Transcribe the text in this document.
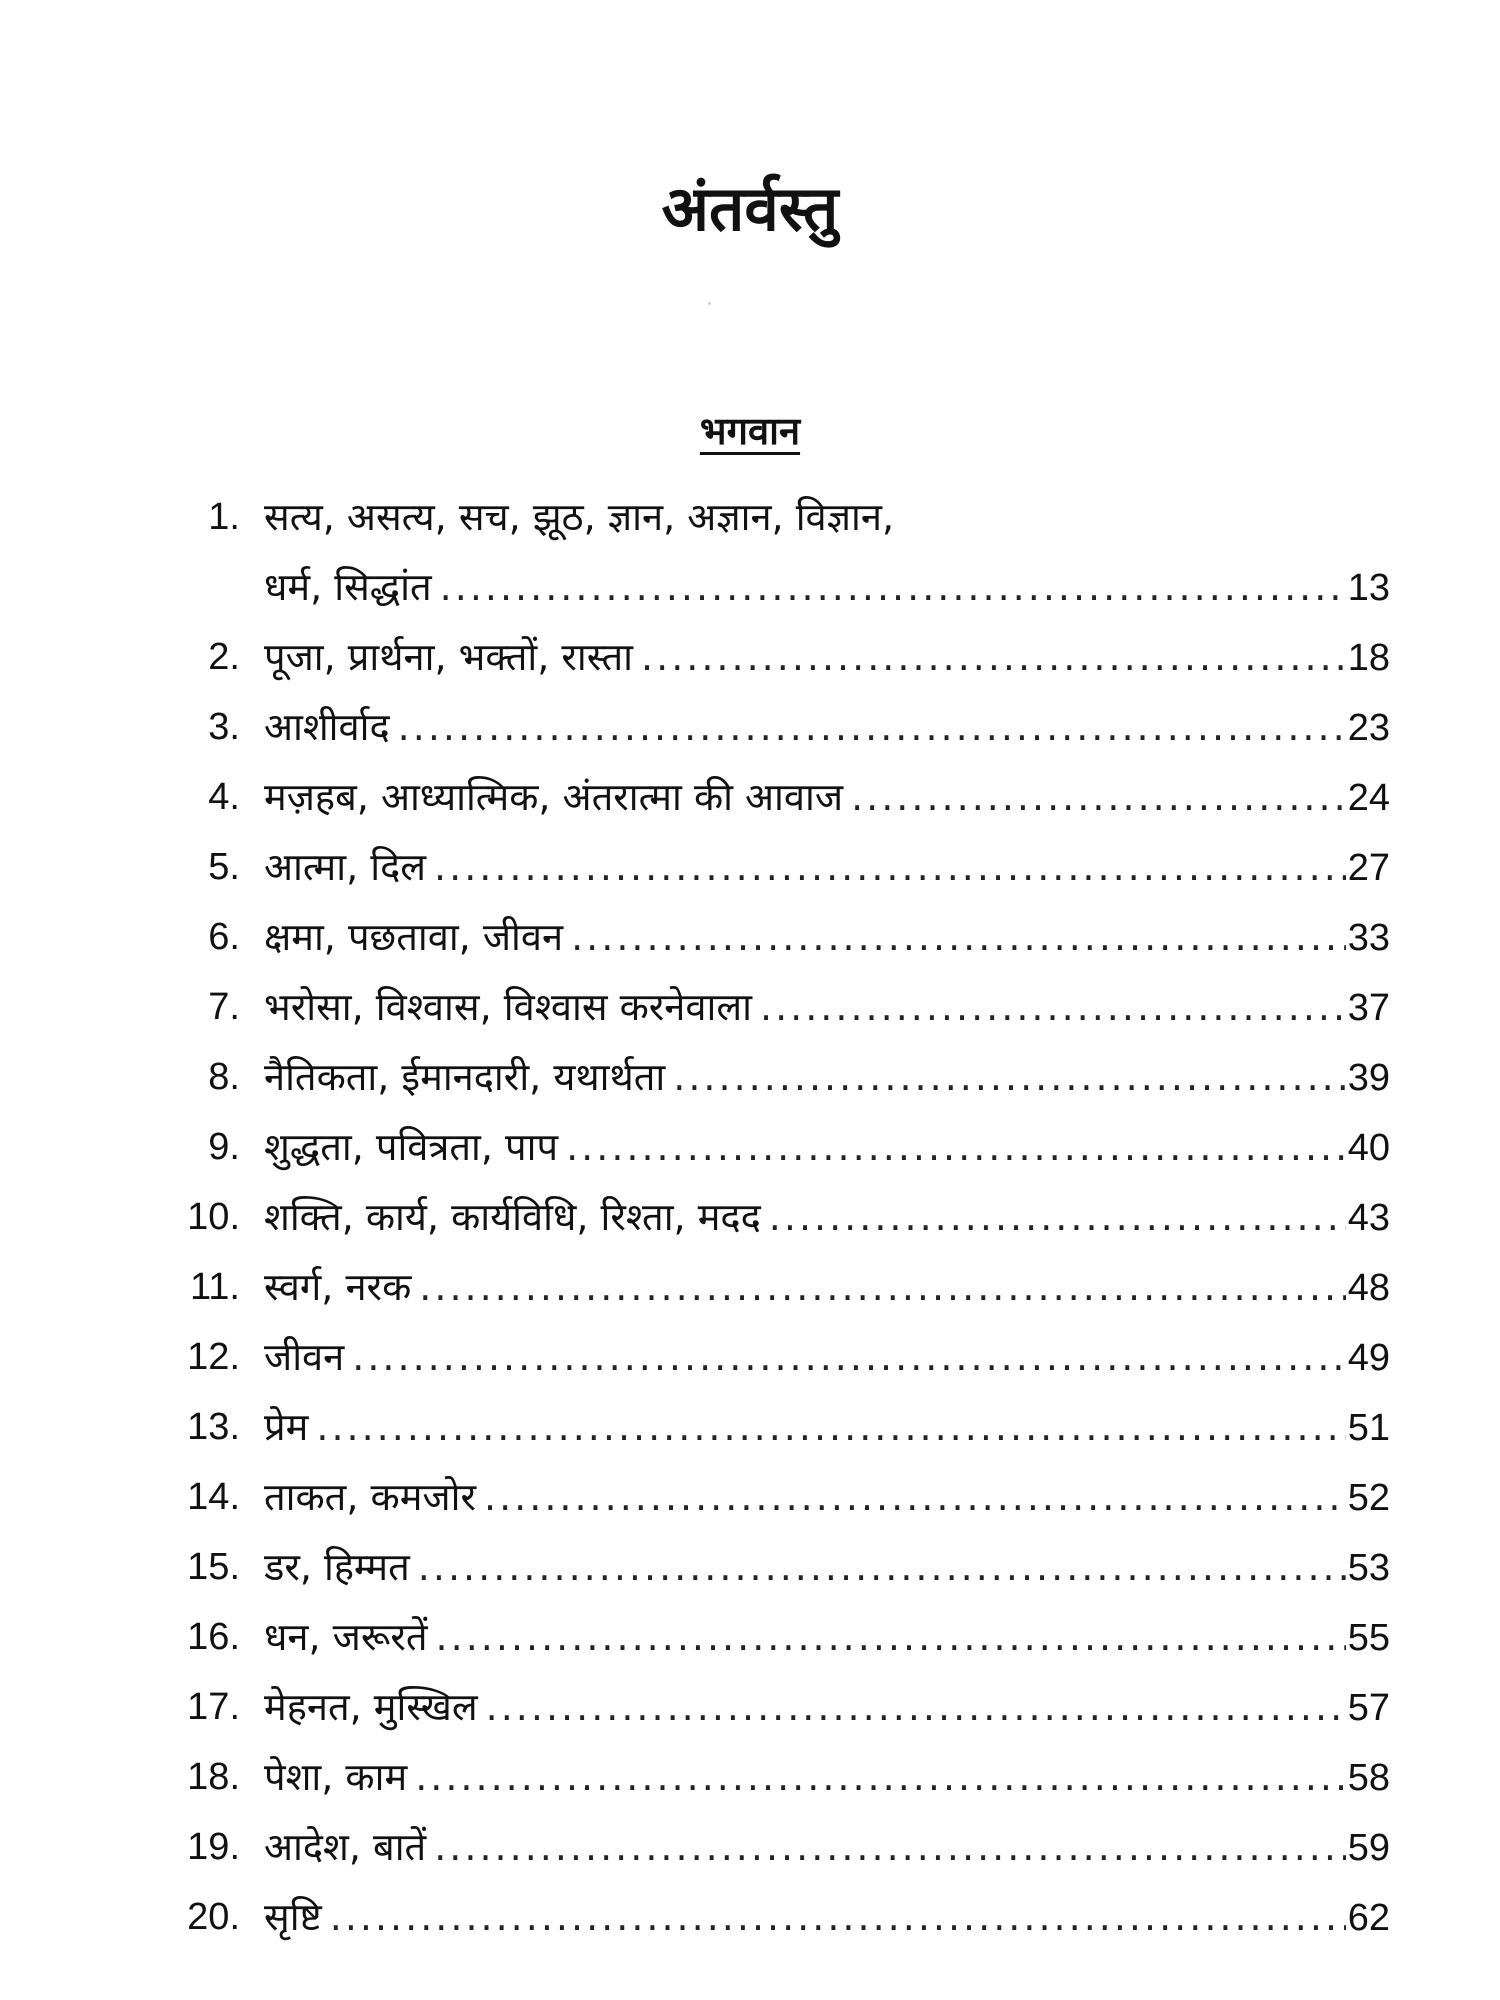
अंतर्वस्तु
भगवान
1. सत्य, असत्य, सच, झूठ, ज्ञान, अज्ञान, विज्ञान,
धर्म, सिद्धांत .....	13
2. पूजा, प्रार्थना, भक्तों, रास्ता .....	18
3. आशीर्वाद .....	23
4. मज़हब, आध्यात्मिक, अंतरात्मा की आवाज .....	24
5. आत्मा, दिल .....	27
6. क्षमा, पछतावा, जीवन .....	33
7. भरोसा, विश्वास, विश्वास करनेवाला .....	37
8. नैतिकता, ईमानदारी, यथार्थता .....	39
9. शुद्धता, पवित्रता, पाप .....	40
10. शक्ति, कार्य, कार्यविधि, रिश्ता, मदद .....	43
11. स्वर्ग, नरक .....	48
12. जीवन .....	49
13. प्रेम .....	51
14. ताकत, कमजोर .....	52
15. डर, हिम्मत .....	53
16. धन, जरूरतें .....	55
17. मेहनत, मुस्खिल .....	57
18. पेशा, काम .....	58
19. आदेश, बातें .....	59
20. सृष्टि .....	62
